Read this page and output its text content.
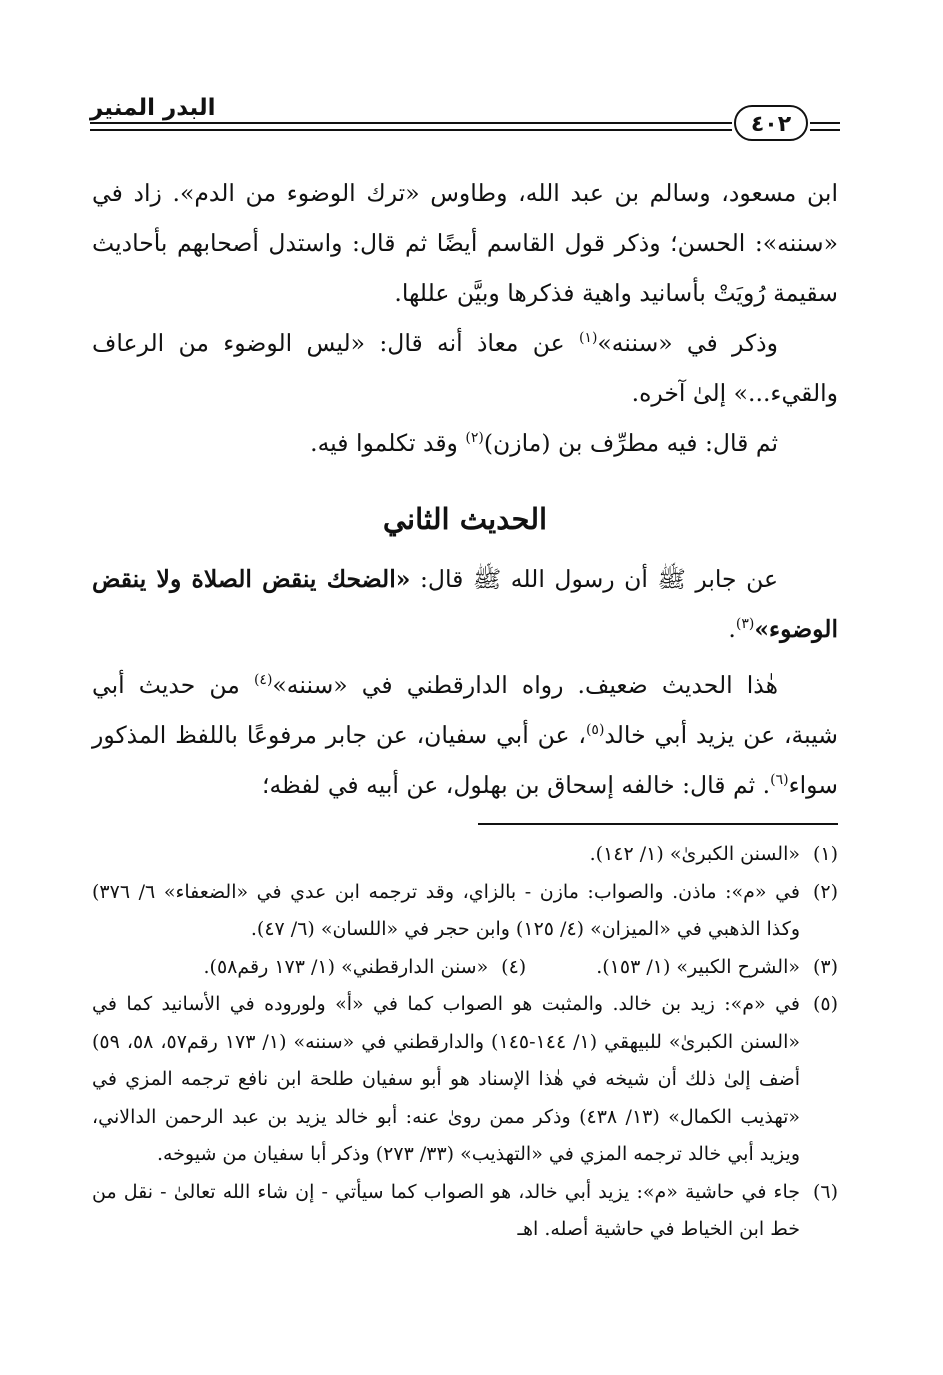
البدر المنير
٤٠٢

ابن مسعود، وسالم بن عبد الله، وطاوس «ترك الوضوء من الدم». زاد في «سننه»: الحسن؛ وذكر قول القاسم أيضًا ثم قال: واستدل أصحابهم بأحاديث سقيمة رُويَتْ بأسانيد واهية فذكرها وبيَّن عللها.

وذكر في «سننه»$^{(١)}$ عن معاذ أنه قال: «ليس الوضوء من الرعاف والقيء...» إلىٰ آخره.

ثم قال: فيه مطرِّف بن (مازن)$^{(٢)}$ وقد تكلموا فيه.

الحديث الثاني

عن جابر ﷺ أن رسول الله ﷺ قال: «الضحك ينقض الصلاة ولا ينقض الوضوء»$^{(٣)}$.

هٰذا الحديث ضعيف. رواه الدارقطني في «سننه»$^{(٤)}$ من حديث أبي شيبة، عن يزيد أبي خالد$^{(٥)}$، عن أبي سفيان، عن جابر مرفوعًا باللفظ المذكور سواء$^{(٦)}$. ثم قال: خالفه إسحاق بن بهلول، عن أبيه في لفظه؛

(١)
«السنن الكبرىٰ» (١/ ١٤٢).

(٢)
في «م»: ماذن. والصواب: مازن - بالزاي، وقد ترجمه ابن عدي في «الضعفاء» ٦/ ٣٧٦) وكذا الذهبي في «الميزان» (٤/ ١٢٥) وابن حجر في «اللسان» (٦/ ٤٧).

(٣)
«الشرح الكبير» (١/ ١٥٣).
(٤)
«سنن الدارقطني» (١/ ١٧٣ رقم٥٨).

(٥)
في «م»: زيد بن خالد. والمثبت هو الصواب كما في «أ» ولوروده في الأسانيد كما في «السنن الكبرىٰ» للبيهقي (١/ ١٤٤-١٤٥) والدارقطني في «سننه» (١/ ١٧٣ رقم٥٧، ٥٨، ٥٩) أضف إلىٰ ذلك أن شيخه في هٰذا الإسناد هو أبو سفيان طلحة ابن نافع ترجمه المزي في «تهذيب الكمال» (١٣/ ٤٣٨) وذكر ممن روىٰ عنه: أبو خالد يزيد بن عبد الرحمن الدالاني، ويزيد أبي خالد ترجمه المزي في «التهذيب» (٣٣/ ٢٧٣) وذكر أبا سفيان من شيوخه.

(٦)
جاء في حاشية «م»: يزيد أبي خالد، هو الصواب كما سيأتي - إن شاء الله تعالىٰ - نقل من خط ابن الخياط في حاشية أصله. اهـ
